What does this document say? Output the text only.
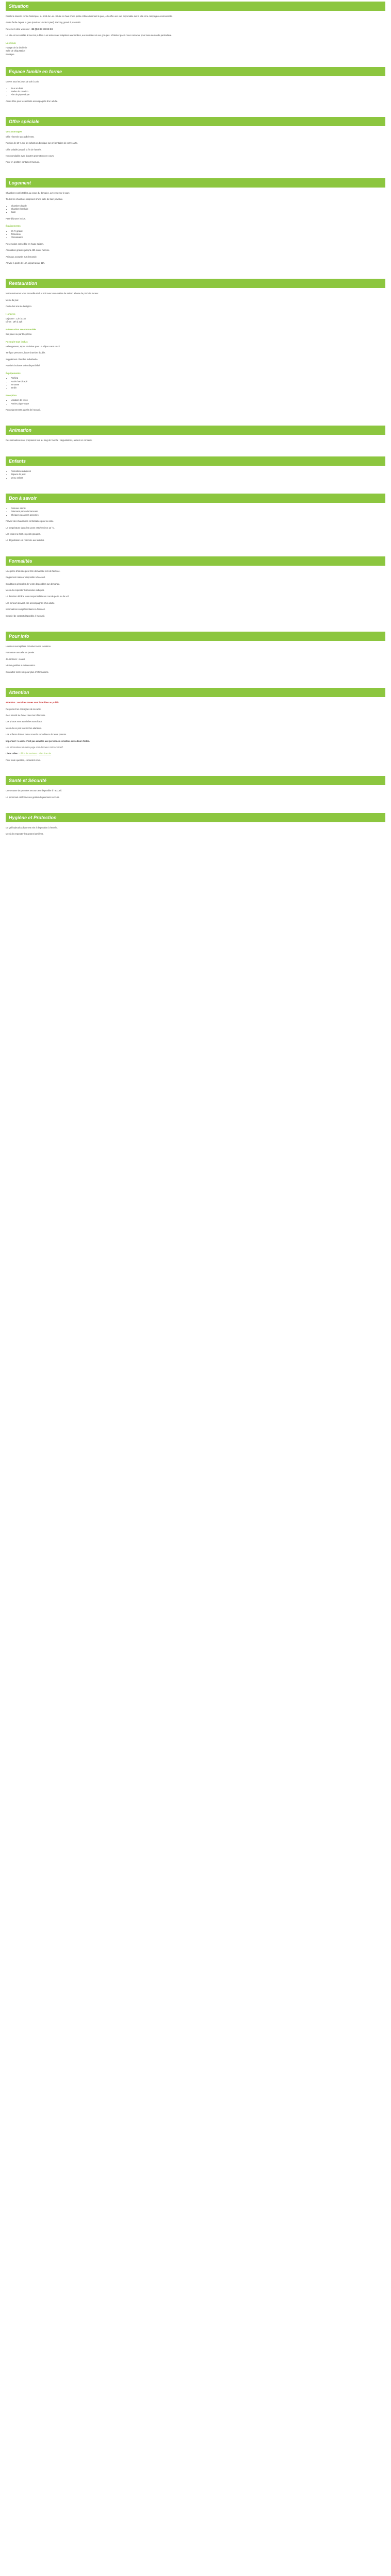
Situation

Distillerie dans le centre historique, au bord du Lac. Située en haut d'une petite colline dominant le parc, elle offre une vue imprenable sur la ville et la campagne environnante.

Accès facile depuis la gare (environ 10 min à pied). Parking gratuit à proximité.

Réservez votre visite au : +33 (0)X XX XX XX XX

Le site est accessible à tous les publics. Les visites sont adaptées aux familles, aux scolaires et aux groupes. N'hésitez pas à nous contacter pour toute demande particulière.

Les lieux
Hangar de la distillerie
Salle de dégustation
Boutique
Espace famille en forme

Ouvert tous les jours de 10h à 18h.

• Jeux en bois
• Atelier de création
• Aire de pique-nique

Accès libre pour les enfants accompagnés d'un adulte.

Offre spéciale
Vos avantages

Offre réservée aux adhérents.

Remise de 10 % sur les achats en boutique sur présentation de votre carte.

Offre valable jusqu'à la fin de l'année.

Non cumulable avec d'autres promotions en cours.

Pour en profiter, contactez l'accueil.

Logement

Chambres confortables au coeur du domaine, avec vue sur le parc.

Toutes les chambres disposent d'une salle de bain privative.

• Chambre double
• Chambre familiale
• Suite

Petit-déjeuner inclus.

Équipements
• Wi-Fi gratuit
• Télévision
• Climatisation

Réservation conseillée en haute saison.

Annulation gratuite jusqu'à 48h avant l'arrivée.

Animaux acceptés sur demande.

Arrivée à partir de 15h, départ avant 11h.

Restauration

Notre restaurant vous accueille midi et soir avec une cuisine de saison à base de produits locaux.

Menu du jour.

Carte des vins de la région.

Horaires
Déjeuner : 12h à 14h
Dîner : 19h à 22h
Réservation recommandée

Sur place ou par téléphone.

Formule tout inclus

Hébergement, repas et visites pour un séjour sans souci.

Tarif par personne, base chambre double.

Supplément chambre individuelle.

Activités incluses selon disponibilité.

Équipements
• Parking
• Accès handicapé
• Terrasse
• Jardin
En option
• Location de vélos
• Panier pique-nique

Renseignements auprès de l'accueil.

Animation

Des animations sont proposées tout au long de l'année : dégustations, ateliers et concerts.

Enfants
• Animations adaptées
• Espace de jeux
• Menu enfant
Bon à savoir
• Animaux admis
• Paiement par carte bancaire
• Chèques vacances acceptés

Prévoir des chaussures confortables pour la visite.

La température dans les caves est d'environ 12 °C.

Les visites se font en petits groupes.

La dégustation est réservée aux adultes.

Formalités

Une pièce d'identité peut être demandée lors de l'arrivée.

Règlement intérieur disponible à l'accueil.

Conditions générales de vente disponibles sur demande.

Merci de respecter les horaires indiqués.

La direction décline toute responsabilité en cas de perte ou de vol.

Les mineurs doivent être accompagnés d'un adulte.

Informations complémentaires à l'accueil.

Courriel de contact disponible à l'accueil.

Pour info

Horaires susceptibles d'évoluer selon la saison.

Fermeture annuelle en janvier.

Jours fériés : ouvert.

Visites guidées sur réservation.

Consultez notre site pour plus d'informations.

Attention

Attention : certaines zones sont interdites au public.

Respectez les consignes de sécurité.

Il est interdit de fumer dans les bâtiments.

Les photos sont autorisées sans flash.

Merci de ne pas toucher les alambics.

Les enfants doivent rester sous la surveillance de leurs parents.

Important : la visite n'est pas adaptée aux personnes sensibles aux odeurs fortes.

Les informations de cette page sont données à titre indicatif.

Liens utiles : Office de tourisme · Plan d'accès

Pour toute question, contactez-nous.

Santé et Sécurité

Une trousse de premiers secours est disponible à l'accueil.

Le personnel est formé aux gestes de premiers secours.

Hygiène et Protection

Du gel hydroalcoolique est mis à disposition à l'entrée.

Merci de respecter les gestes barrières.
